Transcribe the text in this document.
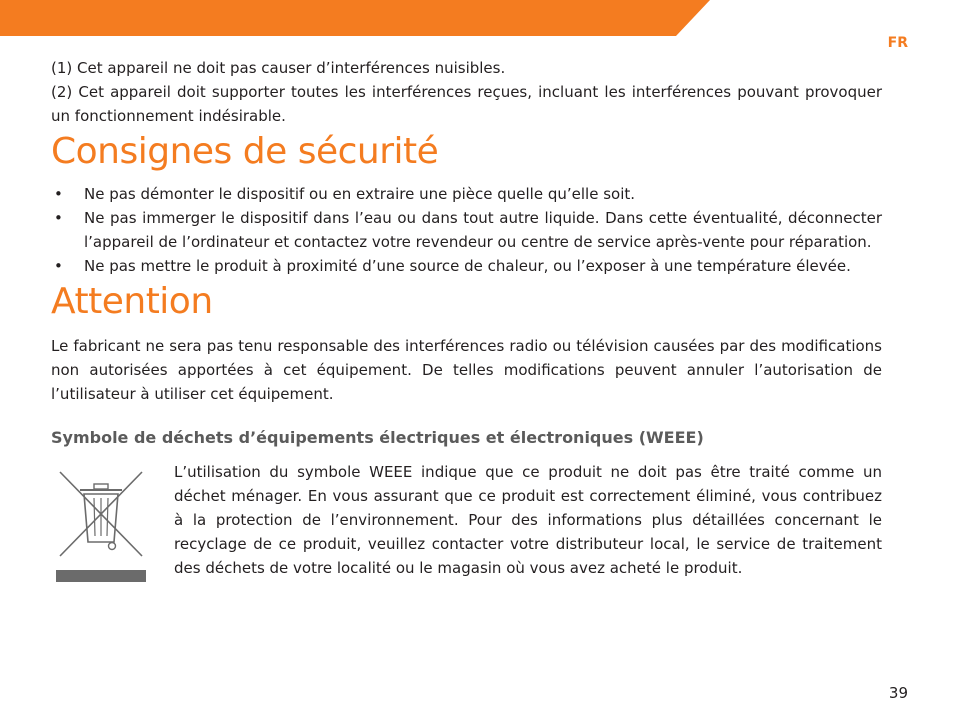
FR

(1) Cet appareil ne doit pas causer d’interférences nuisibles.

(2) Cet appareil doit supporter toutes les interférences reçues, incluant les interférences pouvant provoquer un fonctionnement indésirable.

Consignes de sécurité
• Ne pas démonter le dispositif ou en extraire une pièce quelle qu’elle soit.
• Ne pas immerger le dispositif dans l’eau ou dans tout autre liquide. Dans cette éventualité, déconnecter l’appareil de l’ordinateur et contactez votre revendeur ou centre de service après-vente pour réparation.
• Ne pas mettre le produit à proximité d’une source de chaleur, ou l’exposer à une température élevée.
Attention

Le fabricant ne sera pas tenu responsable des interférences radio ou télévision causées par des modifications non autorisées apportées à cet équipement. De telles modifications peuvent annuler l’autorisation de l’utilisateur à utiliser cet équipement.

Symbole de déchets d’équipements électriques et électroniques (WEEE)

L’utilisation du symbole WEEE indique que ce produit ne doit pas être traité comme un déchet ménager. En vous assurant que ce produit est correctement éliminé, vous contribuez à la protection de l’environnement. Pour des informations plus détaillées concernant le recyclage de ce produit, veuillez contacter votre distributeur local, le service de traitement des déchets de votre localité ou le magasin où vous avez acheté le produit.

39
